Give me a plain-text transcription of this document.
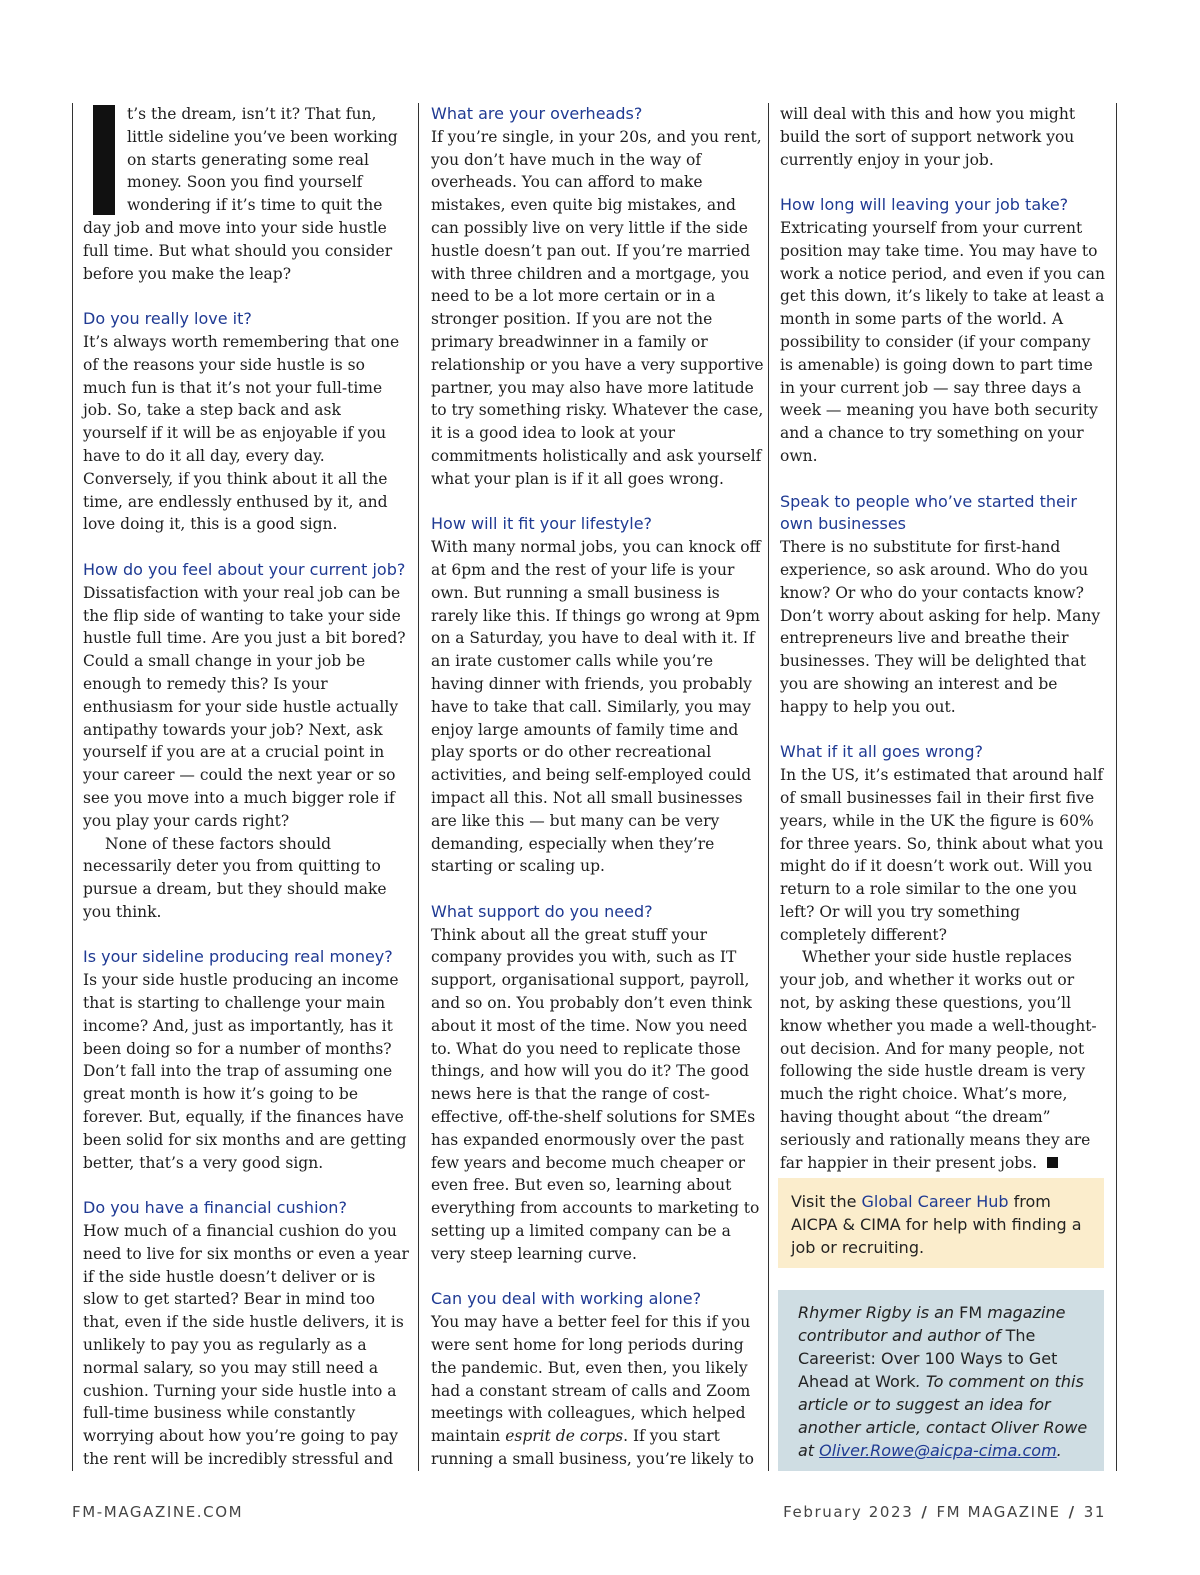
t’s the dream, isn’t it? That fun, little sideline you’ve been working on starts generating some real money. Soon you find yourself wondering if it’s time to quit the day job and move into your side hustle full time. But what should you consider before you make the leap?

Do you really love it?

It’s always worth remembering that one of the reasons your side hustle is so much fun is that it’s not your full-time job. So, take a step back and ask yourself if it will be as enjoyable if you have to do it all day, every day. Conversely, if you think about it all the time, are endlessly enthused by it, and love doing it, this is a good sign.

How do you feel about your current job?

Dissatisfaction with your real job can be the flip side of wanting to take your side hustle full time. Are you just a bit bored? Could a small change in your job be enough to remedy this? Is your enthusiasm for your side hustle actually antipathy towards your job? Next, ask yourself if you are at a crucial point in your career — could the next year or so see you move into a much bigger role if you play your cards right?

None of these factors should necessarily deter you from quitting to pursue a dream, but they should make you think.

Is your sideline producing real money?

Is your side hustle producing an income that is starting to challenge your main income? And, just as importantly, has it been doing so for a number of months? Don’t fall into the trap of assuming one great month is how it’s going to be forever. But, equally, if the finances have been solid for six months and are getting better, that’s a very good sign.

Do you have a financial cushion?

How much of a financial cushion do you need to live for six months or even a year if the side hustle doesn’t deliver or is slow to get started? Bear in mind too that, even if the side hustle delivers, it is unlikely to pay you as regularly as a normal salary, so you may still need a cushion. Turning your side hustle into a full-time business while constantly worrying about how you’re going to pay the rent will be incredibly stressful and

What are your overheads?

If you’re single, in your 20s, and you rent, you don’t have much in the way of overheads. You can afford to make mistakes, even quite big mistakes, and can possibly live on very little if the side hustle doesn’t pan out. If you’re married with three children and a mortgage, you need to be a lot more certain or in a stronger position. If you are not the primary breadwinner in a family or relationship or you have a very supportive partner, you may also have more latitude to try something risky. Whatever the case, it is a good idea to look at your commitments holistically and ask yourself what your plan is if it all goes wrong.

How will it fit your lifestyle?

With many normal jobs, you can knock off at 6pm and the rest of your life is your own. But running a small business is rarely like this. If things go wrong at 9pm on a Saturday, you have to deal with it. If an irate customer calls while you’re having dinner with friends, you probably have to take that call. Similarly, you may enjoy large amounts of family time and play sports or do other recreational activities, and being self-employed could impact all this. Not all small businesses are like this — but many can be very demanding, especially when they’re starting or scaling up.

What support do you need?

Think about all the great stuff your company provides you with, such as IT support, organisational support, payroll, and so on. You probably don’t even think about it most of the time. Now you need to. What do you need to replicate those things, and how will you do it? The good news here is that the range of cost-effective, off-the-shelf solutions for SMEs has expanded enormously over the past few years and become much cheaper or even free. But even so, learning about everything from accounts to marketing to setting up a limited company can be a very steep learning curve.

Can you deal with working alone?

You may have a better feel for this if you were sent home for long periods during the pandemic. But, even then, you likely had a constant stream of calls and Zoom meetings with colleagues, which helped maintain esprit de corps. If you start running a small business, you’re likely to

will deal with this and how you might build the sort of support network you currently enjoy in your job.

How long will leaving your job take?

Extricating yourself from your current position may take time. You may have to work a notice period, and even if you can get this down, it’s likely to take at least a month in some parts of the world. A possibility to consider (if your company is amenable) is going down to part time in your current job — say three days a week — meaning you have both security and a chance to try something on your own.

Speak to people who’ve started their own businesses

There is no substitute for first-hand experience, so ask around. Who do you know? Or who do your contacts know? Don’t worry about asking for help. Many entrepreneurs live and breathe their businesses. They will be delighted that you are showing an interest and be happy to help you out.

What if it all goes wrong?

In the US, it’s estimated that around half of small businesses fail in their first five years, while in the UK the figure is 60% for three years. So, think about what you might do if it doesn’t work out. Will you return to a role similar to the one you left? Or will you try something completely different?

Whether your side hustle replaces your job, and whether it works out or not, by asking these questions, you’ll know whether you made a well-thought-out decision. And for many people, not following the side hustle dream is very much the right choice. What’s more, having thought about “the dream” seriously and rationally means they are far happier in their present jobs.

Visit the Global Career Hub from AICPA & CIMA for help with finding a job or recruiting.
Rhymer Rigby is an FM magazine contributor and author of The Careerist: Over 100 Ways to Get Ahead at Work. To comment on this article or to suggest an idea for another article, contact Oliver Rowe at Oliver.Rowe@aicpa-cima.com.
FM-MAGAZINE.COM	February 2023 / FM MAGAZINE / 31
